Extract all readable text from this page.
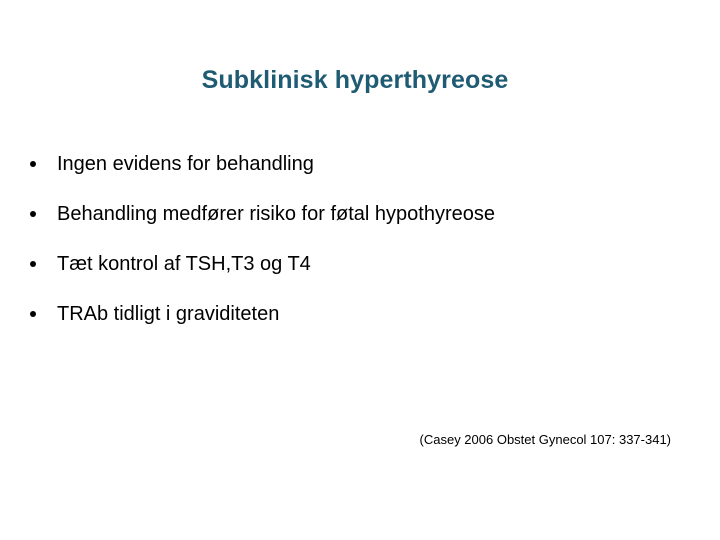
Subklinisk hyperthyreose
Ingen evidens for behandling
Behandling medfører risiko for føtal hypothyreose
Tæt kontrol af TSH,T3 og T4
TRAb tidligt i graviditeten
(Casey 2006 Obstet Gynecol 107: 337-341)
